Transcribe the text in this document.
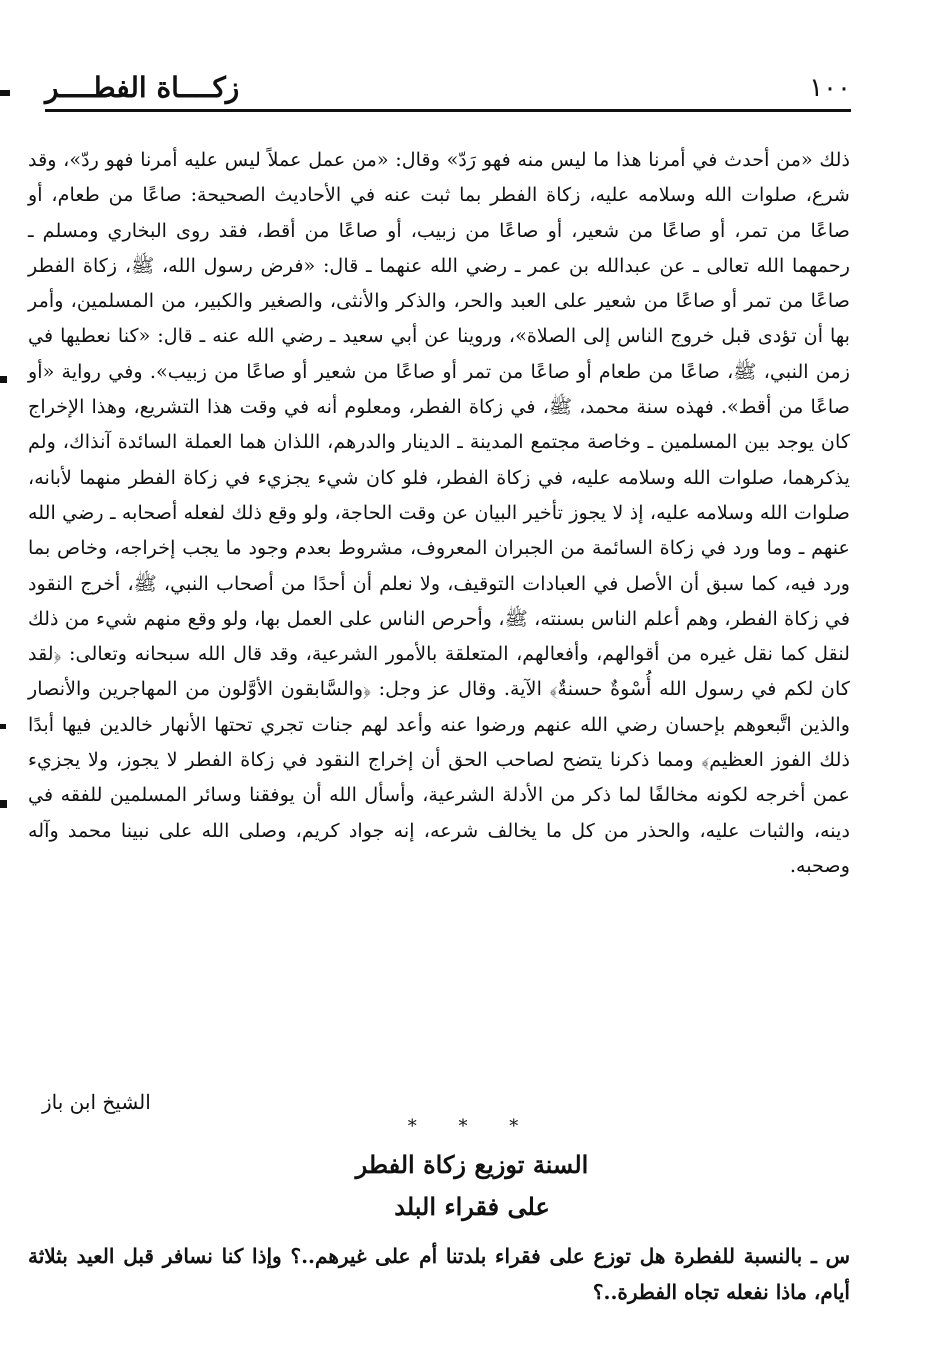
١٠٠
زكــــاة الفطــــر

ذلك «من أحدث في أمرنا هذا ما ليس منه فهو رَدّ» وقال: «من عمل عملاً ليس عليه أمرنا فهو ردّ»، وقد شرع، صلوات الله وسلامه عليه، زكاة الفطر بما ثبت عنه في الأحاديث الصحيحة: صاعًا من طعام، أو صاعًا من تمر، أو صاعًا من شعير، أو صاعًا من زبيب، أو صاعًا من أقط، فقد روى البخاري ومسلم ـ رحمهما الله تعالى ـ عن عبدالله بن عمر ـ رضي الله عنهما ـ قال: «فرض رسول الله، ﷺ، زكاة الفطر صاعًا من تمر أو صاعًا من شعير على العبد والحر، والذكر والأنثى، والصغير والكبير، من المسلمين، وأمر بها أن تؤدى قبل خروج الناس إلى الصلاة»، وروينا عن أبي سعيد ـ رضي الله عنه ـ قال: «كنا نعطيها في زمن النبي، ﷺ، صاعًا من طعام أو صاعًا من تمر أو صاعًا من شعير أو صاعًا من زبيب». وفي رواية «أو صاعًا من أقط». فهذه سنة محمد، ﷺ، في زكاة الفطر، ومعلوم أنه في وقت هذا التشريع، وهذا الإخراج كان يوجد بين المسلمين ـ وخاصة مجتمع المدينة ـ الدينار والدرهم، اللذان هما العملة السائدة آنذاك، ولم يذكرهما، صلوات الله وسلامه عليه، في زكاة الفطر، فلو كان شيء يجزيء في زكاة الفطر منهما لأبانه، صلوات الله وسلامه عليه، إذ لا يجوز تأخير البيان عن وقت الحاجة، ولو وقع ذلك لفعله أصحابه ـ رضي الله عنهم ـ وما ورد في زكاة السائمة من الجبران المعروف، مشروط بعدم وجود ما يجب إخراجه، وخاص بما ورد فيه، كما سبق أن الأصل في العبادات التوقيف، ولا نعلم أن أحدًا من أصحاب النبي، ﷺ، أخرج النقود في زكاة الفطر، وهم أعلم الناس بسنته، ﷺ، وأحرص الناس على العمل بها، ولو وقع منهم شيء من ذلك لنقل كما نقل غيره من أقوالهم، وأفعالهم، المتعلقة بالأمور الشرعية، وقد قال الله سبحانه وتعالى: ﴿لقد كان لكم في رسول الله أُسْوةٌ حسنةٌ﴾ الآية. وقال عز وجل: ﴿والسَّابقون الأوَّلون من المهاجرين والأنصار والذين اتَّبعوهم بإحسان رضي الله عنهم ورضوا عنه وأعد لهم جنات تجري تحتها الأنهار خالدين فيها أبدًا ذلك الفوز العظيم﴾ ومما ذكرنا يتضح لصاحب الحق أن إخراج النقود في زكاة الفطر لا يجوز، ولا يجزيء عمن أخرجه لكونه مخالفًا لما ذكر من الأدلة الشرعية، وأسأل الله أن يوفقنا وسائر المسلمين للفقه في دينه، والثبات عليه، والحذر من كل ما يخالف شرعه، إنه جواد كريم، وصلى الله على نبينا محمد وآله وصحبه.

الشيخ ابن باز
* * *
السنة توزيع زكاة الفطر
على فقراء البلد

س ـ بالنسبة للفطرة هل توزع على فقراء بلدتنا أم على غيرهم..؟ وإذا كنا نسافر قبل العيد بثلاثة أيام، ماذا نفعله تجاه الفطرة..؟
